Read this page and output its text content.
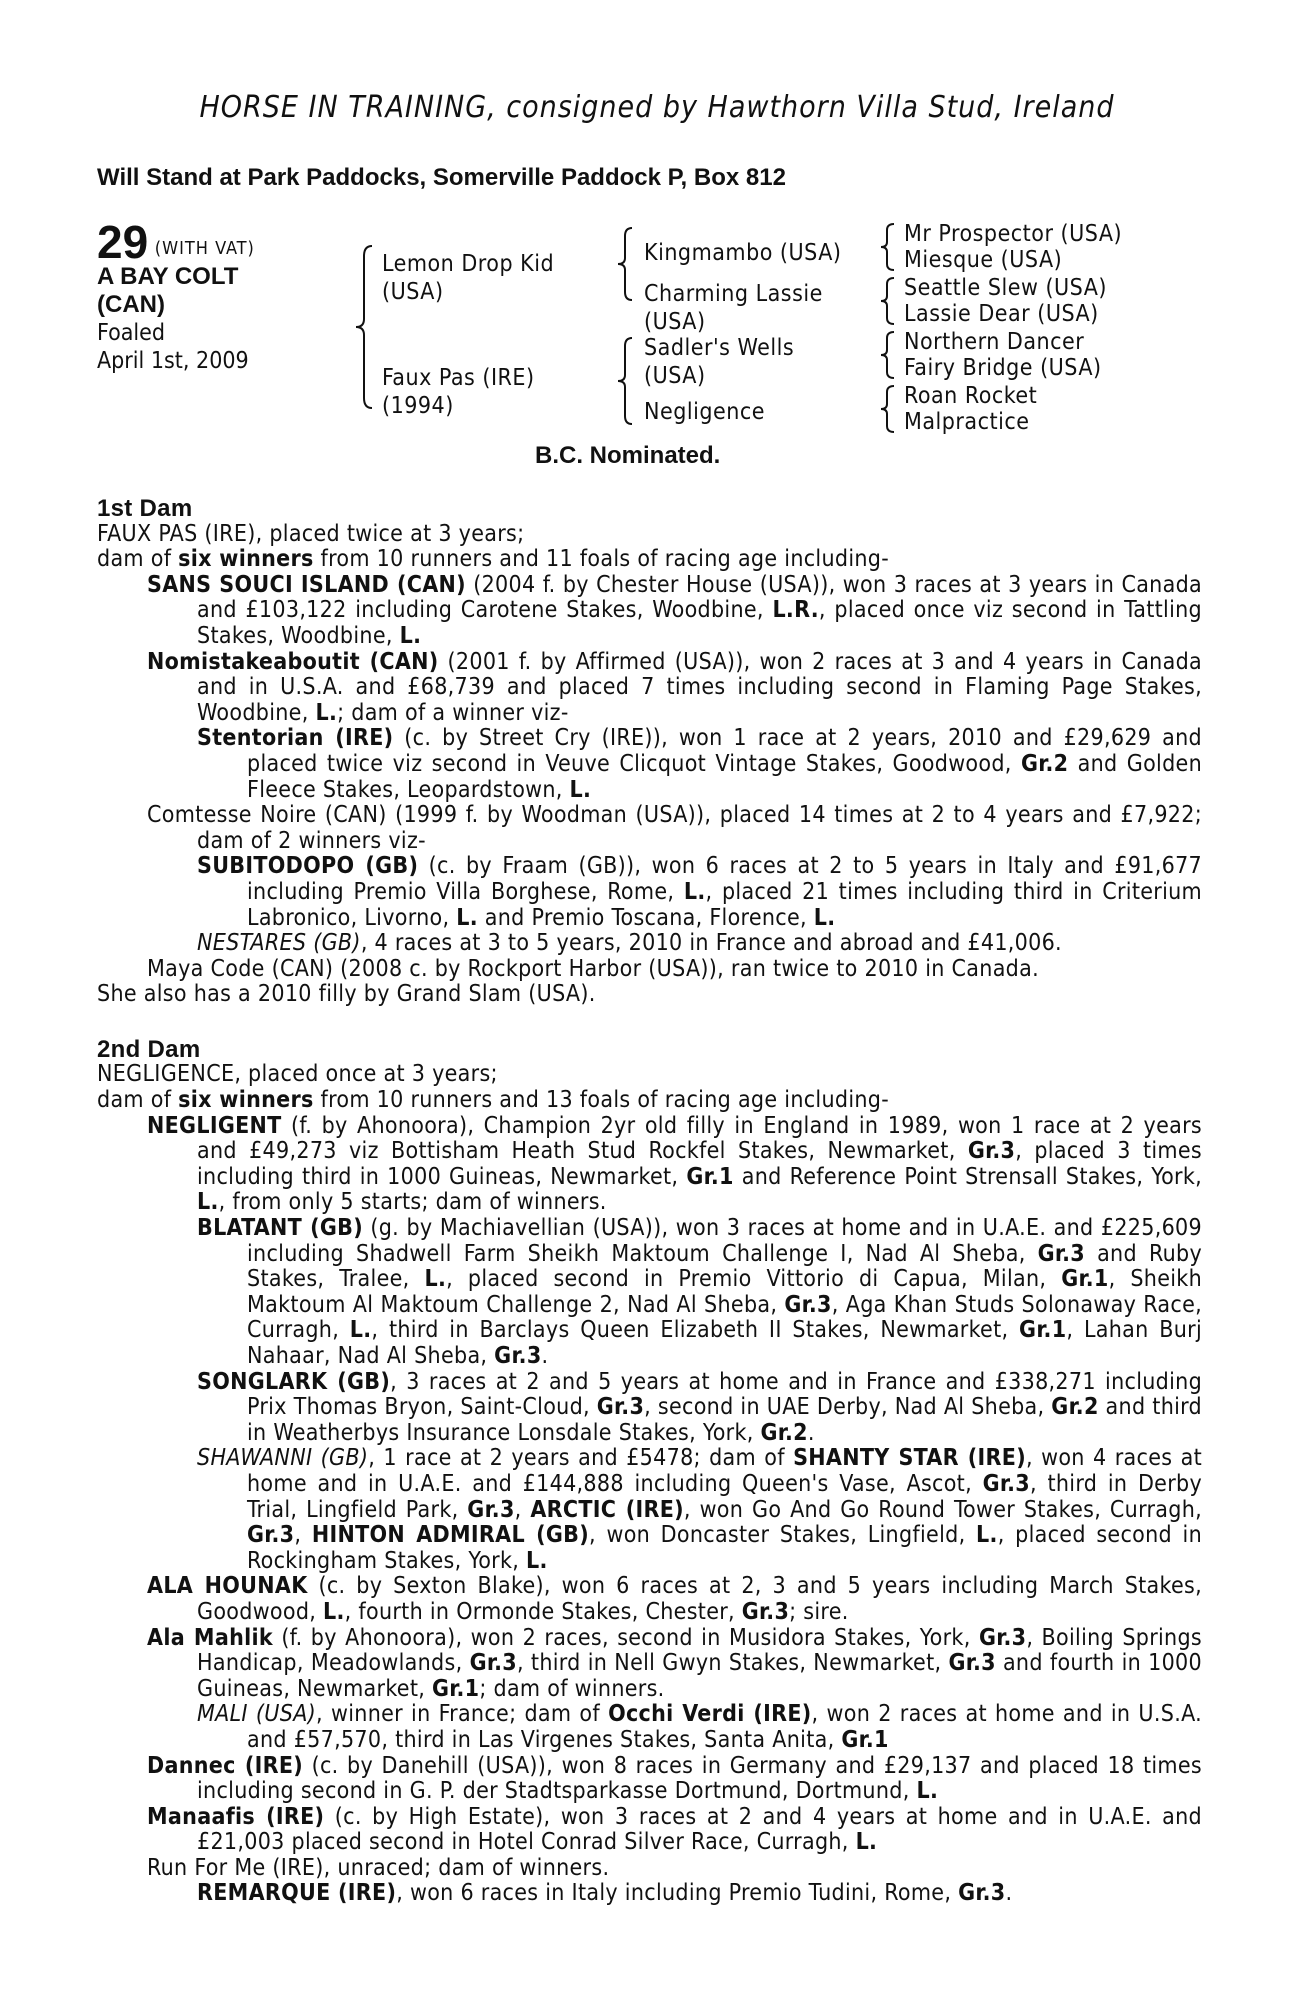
HORSE IN TRAINING, consigned by Hawthorn Villa Stud, Ireland
Will Stand at Park Paddocks, Somerville Paddock P, Box 812
29 (WITH VAT)
A BAY COLT
(CAN)
Foaled
April 1st, 2009
Lemon Drop Kid
(USA)
Faux Pas (IRE)
(1994)
Kingmambo (USA)
Charming Lassie
(USA)
Sadler's Wells
(USA)
Negligence
Mr Prospector (USA)
Miesque (USA)
Seattle Slew (USA)
Lassie Dear (USA)
Northern Dancer
Fairy Bridge (USA)
Roan Rocket
Malpractice
B.C. Nominated.
1st Dam
FAUX PAS (IRE), placed twice at 3 years;
dam of six winners from 10 runners and 11 foals of racing age including-
SANS SOUCI ISLAND (CAN) (2004 f. by Chester House (USA)), won 3 races at 3 years in Canada and £103,122 including Carotene Stakes, Woodbine, L.R., placed once viz second in Tattling Stakes, Woodbine, L.
Nomistakeaboutit (CAN) (2001 f. by Affirmed (USA)), won 2 races at 3 and 4 years in Canada and in U.S.A. and £68,739 and placed 7 times including second in Flaming Page Stakes, Woodbine, L.; dam of a winner viz-
Stentorian (IRE) (c. by Street Cry (IRE)), won 1 race at 2 years, 2010 and £29,629 and placed twice viz second in Veuve Clicquot Vintage Stakes, Goodwood, Gr.2 and Golden Fleece Stakes, Leopardstown, L.
Comtesse Noire (CAN) (1999 f. by Woodman (USA)), placed 14 times at 2 to 4 years and £7,922; dam of 2 winners viz-
SUBITODOPO (GB) (c. by Fraam (GB)), won 6 races at 2 to 5 years in Italy and £91,677 including Premio Villa Borghese, Rome, L., placed 21 times including third in Criterium Labronico, Livorno, L. and Premio Toscana, Florence, L.
NESTARES (GB), 4 races at 3 to 5 years, 2010 in France and abroad and £41,006.
Maya Code (CAN) (2008 c. by Rockport Harbor (USA)), ran twice to 2010 in Canada.
She also has a 2010 filly by Grand Slam (USA).
2nd Dam
NEGLIGENCE, placed once at 3 years;
dam of six winners from 10 runners and 13 foals of racing age including-
NEGLIGENT (f. by Ahonoora), Champion 2yr old filly in England in 1989, won 1 race at 2 years and £49,273 viz Bottisham Heath Stud Rockfel Stakes, Newmarket, Gr.3, placed 3 times including third in 1000 Guineas, Newmarket, Gr.1 and Reference Point Strensall Stakes, York, L., from only 5 starts; dam of winners.
BLATANT (GB) (g. by Machiavellian (USA)), won 3 races at home and in U.A.E. and £225,609 including Shadwell Farm Sheikh Maktoum Challenge I, Nad Al Sheba, Gr.3 and Ruby Stakes, Tralee, L., placed second in Premio Vittorio di Capua, Milan, Gr.1, Sheikh Maktoum Al Maktoum Challenge 2, Nad Al Sheba, Gr.3, Aga Khan Studs Solonaway Race, Curragh, L., third in Barclays Queen Elizabeth II Stakes, Newmarket, Gr.1, Lahan Burj Nahaar, Nad Al Sheba, Gr.3.
SONGLARK (GB), 3 races at 2 and 5 years at home and in France and £338,271 including Prix Thomas Bryon, Saint-Cloud, Gr.3, second in UAE Derby, Nad Al Sheba, Gr.2 and third in Weatherbys Insurance Lonsdale Stakes, York, Gr.2.
SHAWANNI (GB), 1 race at 2 years and £5478; dam of SHANTY STAR (IRE), won 4 races at home and in U.A.E. and £144,888 including Queen's Vase, Ascot, Gr.3, third in Derby Trial, Lingfield Park, Gr.3, ARCTIC (IRE), won Go And Go Round Tower Stakes, Curragh, Gr.3, HINTON ADMIRAL (GB), won Doncaster Stakes, Lingfield, L., placed second in Rockingham Stakes, York, L.
ALA HOUNAK (c. by Sexton Blake), won 6 races at 2, 3 and 5 years including March Stakes, Goodwood, L., fourth in Ormonde Stakes, Chester, Gr.3; sire.
Ala Mahlik (f. by Ahonoora), won 2 races, second in Musidora Stakes, York, Gr.3, Boiling Springs Handicap, Meadowlands, Gr.3, third in Nell Gwyn Stakes, Newmarket, Gr.3 and fourth in 1000 Guineas, Newmarket, Gr.1; dam of winners.
MALI (USA), winner in France; dam of Occhi Verdi (IRE), won 2 races at home and in U.S.A. and £57,570, third in Las Virgenes Stakes, Santa Anita, Gr.1
Dannec (IRE) (c. by Danehill (USA)), won 8 races in Germany and £29,137 and placed 18 times including second in G. P. der Stadtsparkasse Dortmund, Dortmund, L.
Manaafis (IRE) (c. by High Estate), won 3 races at 2 and 4 years at home and in U.A.E. and £21,003 placed second in Hotel Conrad Silver Race, Curragh, L.
Run For Me (IRE), unraced; dam of winners.
REMARQUE (IRE), won 6 races in Italy including Premio Tudini, Rome, Gr.3.
